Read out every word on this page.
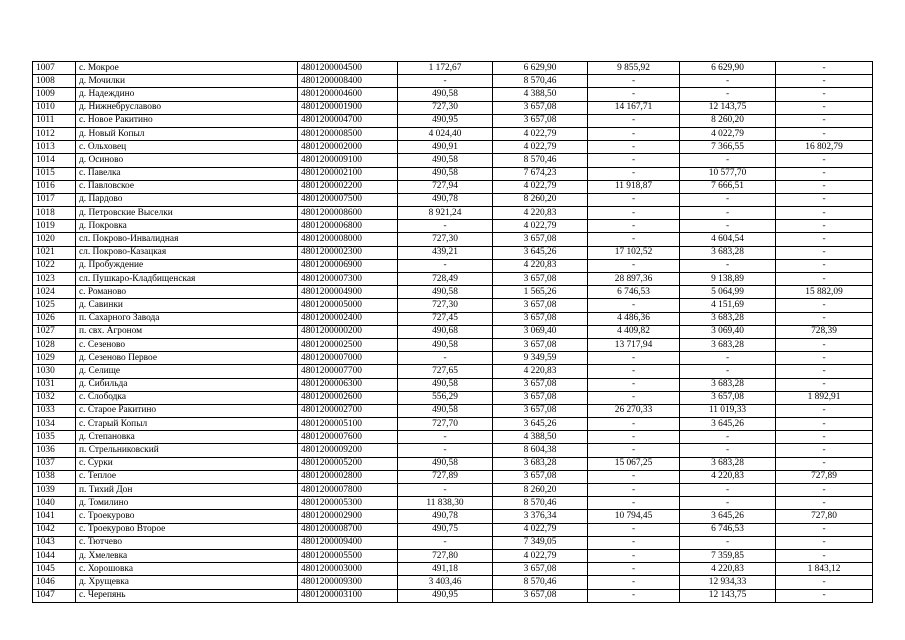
1007	с. Мокрое	4801200004500	1 172,67	6 629,90	9 855,92	6 629,90	-
1008	д. Мочилки	4801200008400	-	8 570,46	-	-	-
1009	д. Надеждино	4801200004600	490,58	4 388,50	-	-	-
1010	д. Нижнебруславово	4801200001900	727,30	3 657,08	14 167,71	12 143,75	-
1011	с. Новое Ракитино	4801200004700	490,95	3 657,08	-	8 260,20	-
1012	д. Новый Копыл	4801200008500	4 024,40	4 022,79	-	4 022,79	-
1013	с. Ольховец	4801200002000	490,91	4 022,79	-	7 366,55	16 802,79
1014	д. Осиново	4801200009100	490,58	8 570,46	-	-	-
1015	с. Павелка	4801200002100	490,58	7 674,23	-	10 577,70	-
1016	с. Павловское	4801200002200	727,94	4 022,79	11 918,87	7 666,51	-
1017	д. Пардово	4801200007500	490,78	8 260,20	-	-	-
1018	д. Петровские Выселки	4801200008600	8 921,24	4 220,83	-	-	-
1019	д. Покровка	4801200006800	-	4 022,79	-	-	-
1020	сл. Покрово-Инвалидная	4801200008000	727,30	3 657,08	-	4 604,54	-
1021	сл. Покрово-Казацкая	4801200002300	439,21	3 645,26	17 102,52	3 683,28	-
1022	д. Пробуждение	4801200006900	-	4 220,83	-	-	-
1023	сл. Пушкаро-Кладбищенская	4801200007300	728,49	3 657,08	28 897,36	9 138,89	-
1024	с. Романово	4801200004900	490,58	1 565,26	6 746,53	5 064,99	15 882,09
1025	д. Савинки	4801200005000	727,30	3 657,08	-	4 151,69	-
1026	п. Сахарного Завода	4801200002400	727,45	3 657,08	4 486,36	3 683,28	-
1027	п. свх. Агроном	4801200000200	490,68	3 069,40	4 409,82	3 069,40	728,39
1028	с. Сезеново	4801200002500	490,58	3 657,08	13 717,94	3 683,28	-
1029	д. Сезеново Первое	4801200007000	-	9 349,59	-	-	-
1030	д. Селище	4801200007700	727,65	4 220,83	-	-	-
1031	д. Сибильда	4801200006300	490,58	3 657,08	-	3 683,28	-
1032	с. Слободка	4801200002600	556,29	3 657,08	-	3 657,08	1 892,91
1033	с. Старое Ракитино	4801200002700	490,58	3 657,08	26 270,33	11 019,33	-
1034	с. Старый Копыл	4801200005100	727,70	3 645,26	-	3 645,26	-
1035	д. Степановка	4801200007600	-	4 388,50	-	-	-
1036	п. Стрельниковский	4801200009200	-	8 604,38	-	-	-
1037	с. Сурки	4801200005200	490,58	3 683,28	15 067,25	3 683,28	-
1038	с. Теплое	4801200002800	727,89	3 657,08	-	4 220,83	727,89
1039	п. Тихий Дон	4801200007800	-	8 260,20	-	-	-
1040	д. Томилино	4801200005300	11 838,30	8 570,46	-	-	-
1041	с. Троекурово	4801200002900	490,78	3 376,34	10 794,45	3 645,26	727,80
1042	с. Троекурово Второе	4801200008700	490,75	4 022,79	-	6 746,53	-
1043	с. Тютчево	4801200009400	-	7 349,05	-	-	-
1044	д. Хмелевка	4801200005500	727,80	4 022,79	-	7 359,85	-
1045	с. Хорошовка	4801200003000	491,18	3 657,08	-	4 220,83	1 843,12
1046	д. Хрущевка	4801200009300	3 403,46	8 570,46	-	12 934,33	-
1047	с. Черепянь	4801200003100	490,95	3 657,08	-	12 143,75	-
